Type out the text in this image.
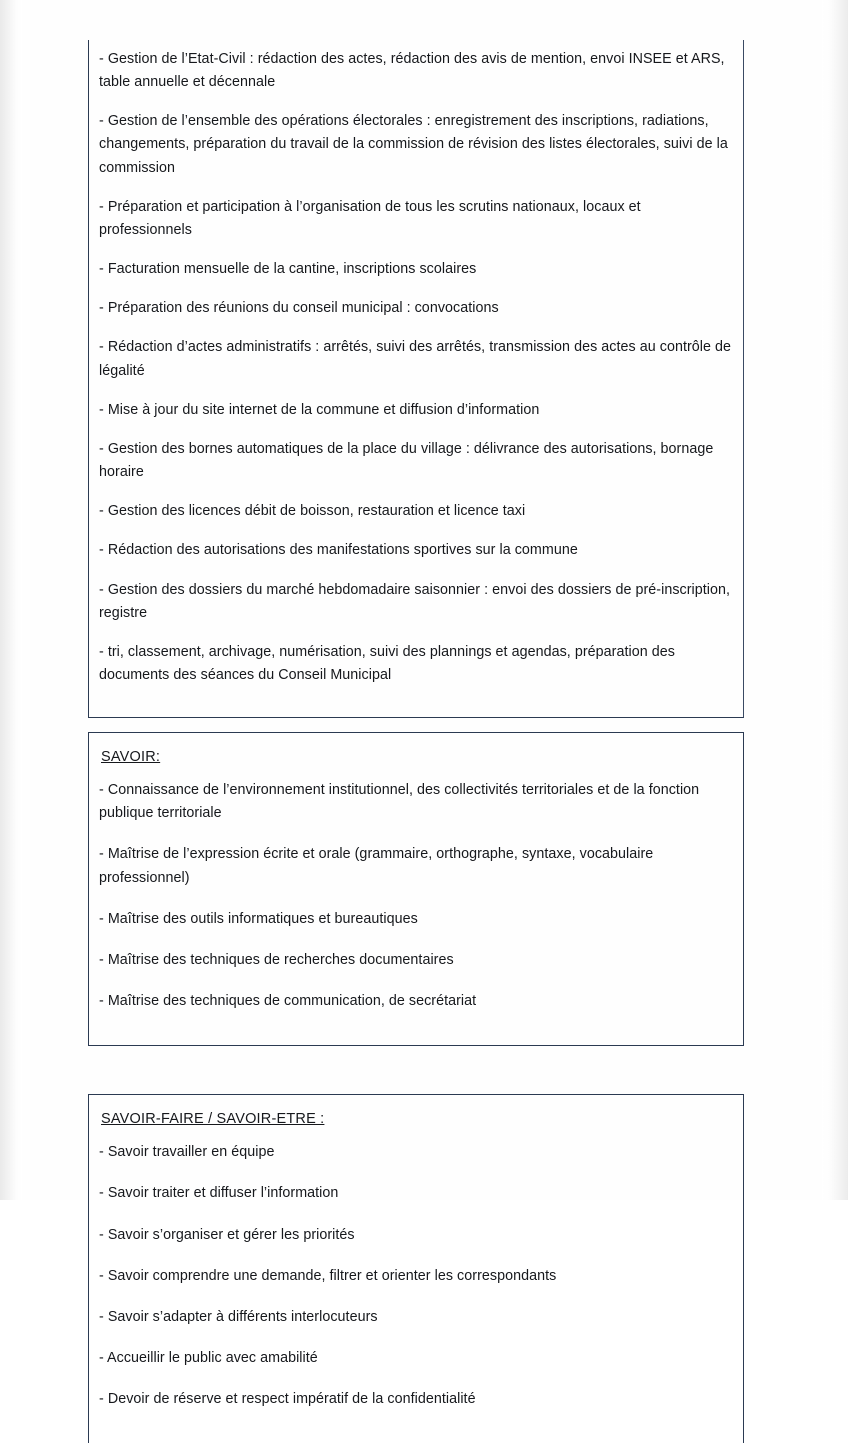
- Gestion de l’Etat-Civil : rédaction des actes, rédaction des avis de mention, envoi INSEE et ARS, table annuelle et décennale

- Gestion de l’ensemble des opérations électorales : enregistrement des inscriptions, radiations, changements, préparation du travail de la commission de révision des listes électorales, suivi de la commission

- Préparation et participation à l’organisation de tous les scrutins nationaux, locaux et professionnels

- Facturation mensuelle de la cantine, inscriptions scolaires

- Préparation des réunions du conseil municipal : convocations

- Rédaction d’actes administratifs : arrêtés, suivi des arrêtés, transmission des actes au contrôle de légalité

- Mise à jour du site internet de la commune et diffusion d’information

- Gestion des bornes automatiques de la place du village : délivrance des autorisations, bornage horaire

- Gestion des licences débit de boisson, restauration et licence taxi

- Rédaction des autorisations des manifestations sportives sur la commune

- Gestion des dossiers du marché hebdomadaire saisonnier : envoi des dossiers de pré-inscription, registre

- tri, classement, archivage, numérisation, suivi des plannings et agendas, préparation des documents des séances du Conseil Municipal

SAVOIR:

- Connaissance de l’environnement institutionnel, des collectivités territoriales et de la fonction publique territoriale

- Maîtrise de l’expression écrite et orale (grammaire, orthographe, syntaxe, vocabulaire professionnel)

- Maîtrise des outils informatiques et bureautiques

- Maîtrise des techniques de recherches documentaires

- Maîtrise des techniques de communication, de secrétariat

SAVOIR-FAIRE / SAVOIR-ETRE :

- Savoir travailler en équipe

- Savoir traiter et diffuser l’information

- Savoir s’organiser et gérer les priorités

- Savoir comprendre une demande, filtrer et orienter les correspondants

- Savoir s’adapter à différents interlocuteurs

- Accueillir le public avec amabilité

- Devoir de réserve et respect impératif de la confidentialité
